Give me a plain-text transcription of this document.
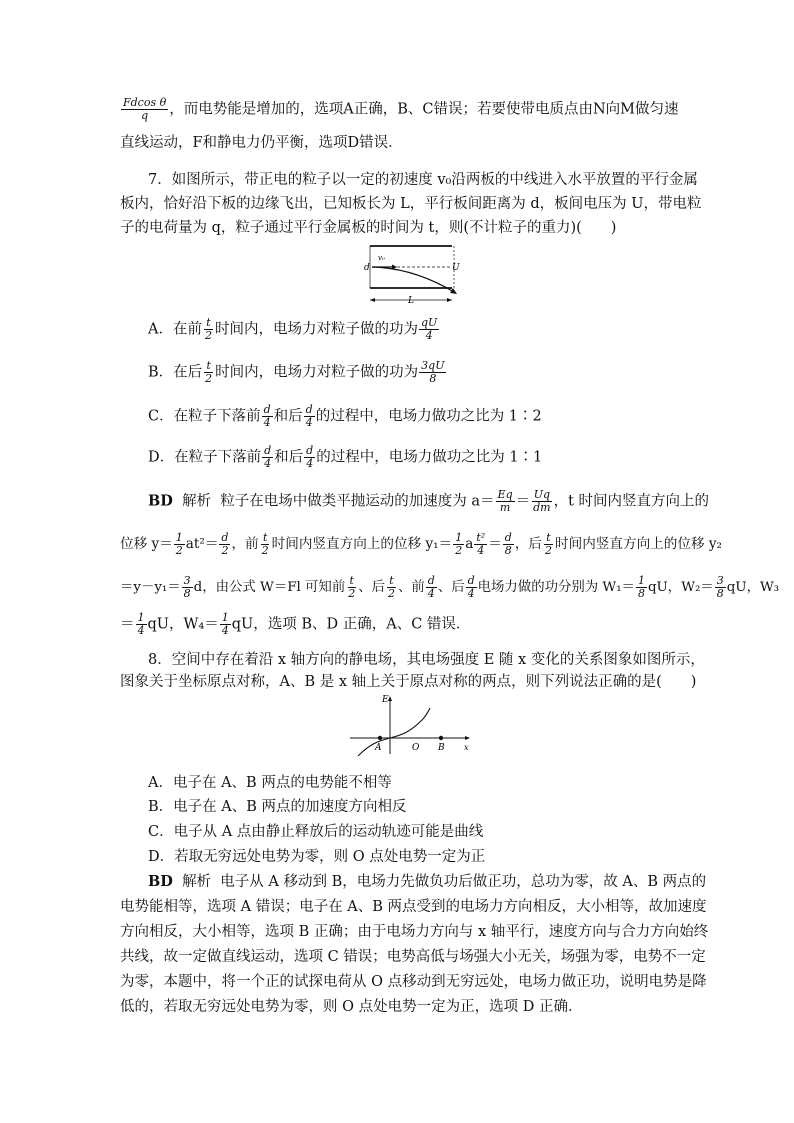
$\frac{\text{Fdcos θ}}{q}$ ，而电势能是增加的，选项A正确，B、C错误；若要使带电质点由N向M做匀速
直线运动，F和静电力仍平衡，选项D错误．
7．如图所示，带正电的粒子以一定的初速度 v₀沿两板的中线进入水平放置的平行金属
板内，恰好沿下板的边缘飞出，已知板长为 L，平行板间距离为 d，板间电压为 U，带电粒
子的电荷量为 q，粒子通过平行金属板的时间为 t，则(不计粒子的重力)(　　)
v₀
d	U
L
A．在前 $\frac{t}{2}$ 时间内，电场力对粒子做的功为 $\frac{qU}{4}$
B．在后 $\frac{t}{2}$ 时间内，电场力对粒子做的功为 $\frac{3qU}{8}$
C．在粒子下落前 $\frac{d}{4}$ 和后 $\frac{d}{4}$ 的过程中，电场力做功之比为 1∶2
D．在粒子下落前 $\frac{d}{4}$ 和后 $\frac{d}{4}$ 的过程中，电场力做功之比为 1∶1
BD 解析 粒子在电场中做类平抛运动的加速度为 $a= \frac{Eq}{m} = \frac{Uq}{dm}$ ，t 时间内竖直方向上的
位移 $y= \frac{1}{2} at^2= \frac{d}{2}$ ，前 $\frac{t}{2}$ 时间内竖直方向上的位移 $y_1= \frac{1}{2}$ a $\frac{\text{t²}}{4} = \frac{d}{8}$ ，后 $\frac{t}{2}$ 时间内竖直方向上的位移 y₂
$=y-y_1= \frac{3}{8}$ d，由公式 W＝Fl 可知前 $\frac{t}{2}$ 、后 $\frac{t}{2}$ 、前 $\frac{d}{4}$ 、后 $\frac{d}{4}$ 电场力做的功分别为 $W_1= \frac{1}{8}$ qU，$W_2= \frac{3}{8}$ qU，W₃
＝ $\frac{1}{4}$ qU，$W_4= \frac{1}{4}$ qU，选项 B、D 正确，A、C 错误．
8．空间中存在着沿 x 轴方向的静电场，其电场强度 E 随 x 变化的关系图象如图所示，
图象关于坐标原点对称，A、B 是 x 轴上关于原点对称的两点，则下列说法正确的是(　　)
E
A	O B x
A．电子在 A、B 两点的电势能不相等
B．电子在 A、B 两点的加速度方向相反
C．电子从 A 点由静止释放后的运动轨迹可能是曲线
D．若取无穷远处电势为零，则 O 点处电势一定为正
BD 解析 电子从 A 移动到 B，电场力先做负功后做正功，总功为零，故 A、B 两点的
电势能相等，选项 A 错误；电子在 A、B 两点受到的电场力方向相反，大小相等，故加速度
方向相反，大小相等，选项 B 正确；由于电场力方向与 x 轴平行，速度方向与合力方向始终
共线，故一定做直线运动，选项 C 错误；电势高低与场强大小无关，场强为零，电势不一定
为零，本题中，将一个正的试探电荷从 O 点移动到无穷远处，电场力做正功，说明电势是降
低的，若取无穷远处电势为零，则 O 点处电势一定为正，选项 D 正确．
